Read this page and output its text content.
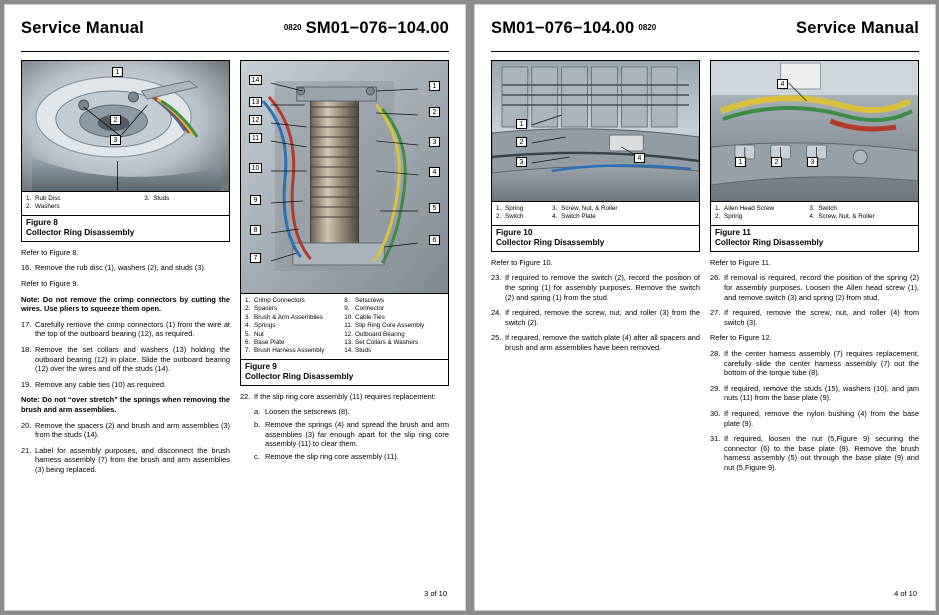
Service Manual	0820 SM01−076−104.00
1
2
3
1.	Rub Disc	3.	Studs
2.	Washers		
Figure 8
Collector Ring Disassembly
Refer to Figure 8.
16. Remove the rub disc (1), washers (2), and studs (3).
Refer to Figure 9.
Note: Do not remove the crimp connectors by cutting the wires. Use pliers to squeeze them open.
17. Carefully remove the crimp connectors (1) from the wire at the top of the outboard bearing (12), as required.
18. Remove the set collars and washers (13) holding the outboard bearing (12) in place. Slide the outboard bearing (12) over the wires and off the studs (14).
19. Remove any cable ties (10) as required.
Note: Do not “over stretch” the springs when removing the brush and arm assemblies.
20. Remove the spacers (2) and brush and arm assemblies (3) from the studs (14).
21. Label for assembly purposes, and disconnect the brush harness assembly (7) from the brush and arm assemblies (3) being replaced.
14
13
12
11
10
9
8
7
1
2
3
4
5
6
1.	Crimp Connectors	8.	Setscrews
2.	Spacers	9.	Connector
3.	Brush & Arm Assemblies	10.	Cable Ties
4.	Springs	11.	Slip Ring Core Assembly
5.	Nut	12.	Outboard Bearing
6.	Base Plate	13.	Set Collars & Washers
7.	Brush Harness Assembly	14.	Studs
Figure 9
Collector Ring Disassembly
22. If the slip ring core assembly (11) requires replacement:
a. Loosen the setscrews (8).
b. Remove the springs (4) and spread the brush and arm assemblies (3) far enough apart for the slip ring core assembly (11) to clear them.
c. Remove the slip ring core assembly (11).
3 of 10
SM01−076−104.00 0820	Service Manual
1
2
3
4
1.	Spring	3.	Screw, Nut, & Roller
2.	Switch	4.	Switch Plate
Figure 10
Collector Ring Disassembly
Refer to Figure 10.
23. If required to remove the switch (2), record the position of the spring (1) for assembly purposes. Remove the switch (2) and spring (1) from the stud.
24. If required, remove the screw, nut, and roller (3) from the switch (2).
25. If required, remove the switch plate (4) after all spacers and brush and arm assemblies have been removed.
4
1	2	3
1.	Allen Head Screw	3.	Switch
2.	Spring	4.	Screw, Nut, & Roller
Figure 11
Collector Ring Disassembly
Refer to Figure 11.
26. If removal is required, record the position of the spring (2) for assembly purposes. Loosen the Allen head screw (1), and remove switch (3) and spring (2) from stud.
27. If required, remove the screw, nut, and roller (4) from switch (3).
Refer to Figure 12.
28. If the center harness assembly (7) requires replacement, carefully slide the center harness assembly (7) out the bottom of the torque tube (8).
29. If required, remove the studs (15), washers (10), and jam nuts (11) from the base plate (9).
30. If required, remove the nylon bushing (4) from the base plate (9).
31. If required, loosen the nut (5,Figure 9) securing the connector (6) to the base plate (9). Remove the brush harness assembly (5) out through the base plate (9) and nut (5,Figure 9).
4 of 10
